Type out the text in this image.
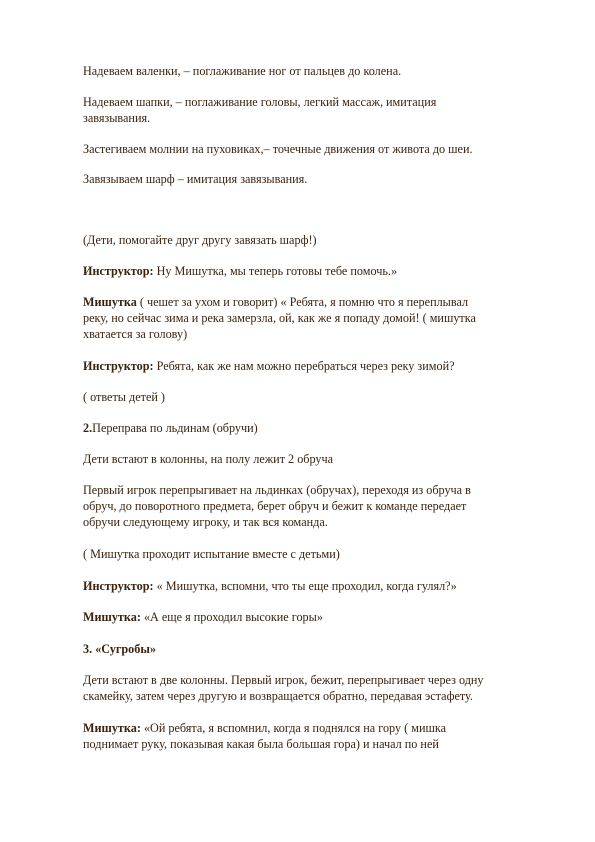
Надеваем валенки, – поглаживание ног от пальцев до колена.
Надеваем шапки, – поглаживание головы, легкий массаж, имитация
завязывания.
Застегиваем молнии на пуховиках,– точечные движения от живота до шеи.
Завязываем шарф – имитация завязывания.
(Дети, помогайте друг другу завязать шарф!)
Инструктор: Ну Мишутка, мы теперь готовы тебе помочь.»
Мишутка ( чешет за ухом и говорит) « Ребята, я помню что я переплывал
реку, но сейчас зима и река замерзла, ой, как же я попаду домой! ( мишутка
хватается за голову)
Инструктор: Ребята, как же нам можно перебраться через реку зимой?
( ответы детей )
2.Переправа по льдинам (обручи)
Дети встают в колонны, на полу лежит 2 обруча
Первый игрок перепрыгивает на льдинках (обручах), переходя из обруча в
обруч, до поворотного предмета, берет обруч и бежит к команде передает
обручи следующему игроку, и так вся команда.
( Мишутка проходит испытание вместе с детьми)
Инструктор: « Мишутка, вспомни, что ты еще проходил, когда гулял?»
Мишутка: «А еще я проходил высокие горы»
3. «Сугробы»
Дети встают в две колонны. Первый игрок, бежит, перепрыгивает через одну
скамейку, затем через другую и возвращается обратно, передавая эстафету.
Мишутка: «Ой ребята, я вспомнил, когда я поднялся на гору ( мишка
поднимает руку, показывая какая была большая гора) и начал по ней
